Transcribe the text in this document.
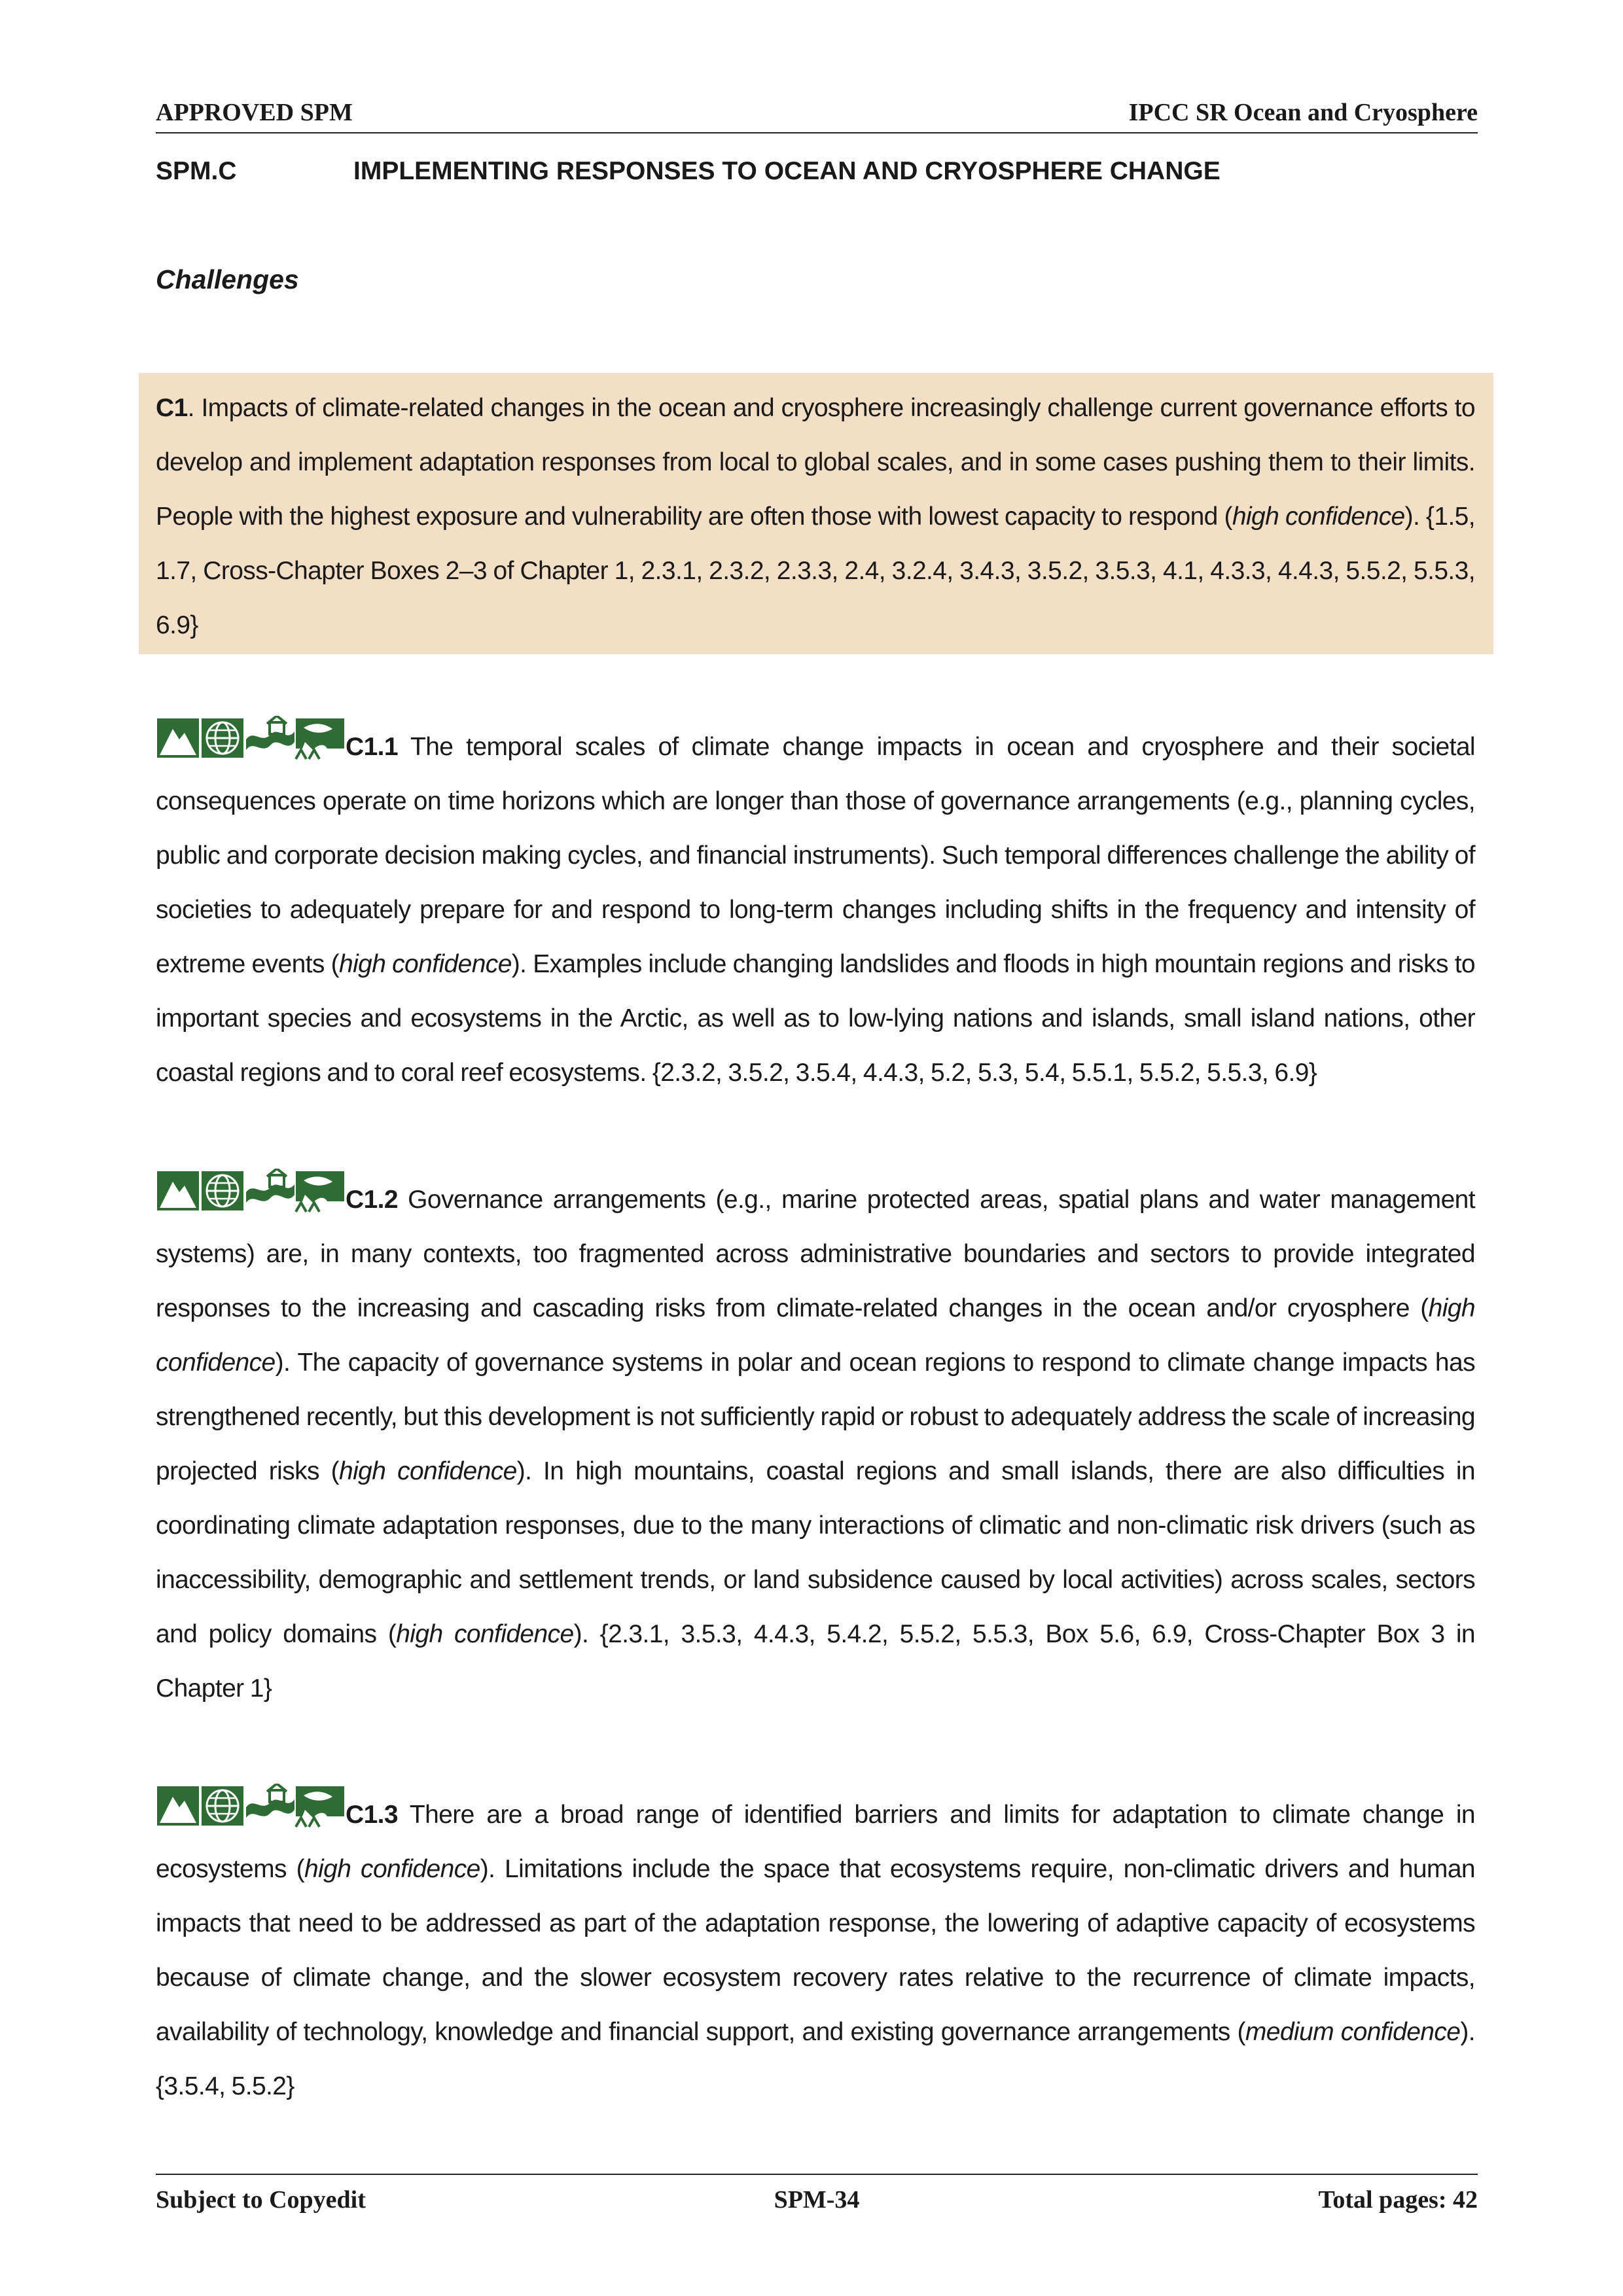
APPROVED SPM	IPCC SR Ocean and Cryosphere
SPM.C	IMPLEMENTING RESPONSES TO OCEAN AND CRYOSPHERE CHANGE
Challenges
C1. Impacts of climate-related changes in the ocean and cryosphere increasingly challenge current governance efforts to develop and implement adaptation responses from local to global scales, and in some cases pushing them to their limits. People with the highest exposure and vulnerability are often those with lowest capacity to respond (high confidence). {1.5, 1.7, Cross-Chapter Boxes 2–3 of Chapter 1, 2.3.1, 2.3.2, 2.3.3, 2.4, 3.2.4, 3.4.3, 3.5.2, 3.5.3, 4.1, 4.3.3, 4.4.3, 5.5.2, 5.5.3, 6.9}
C1.1 The temporal scales of climate change impacts in ocean and cryosphere and their societal consequences operate on time horizons which are longer than those of governance arrangements (e.g., planning cycles, public and corporate decision making cycles, and financial instruments). Such temporal differences challenge the ability of societies to adequately prepare for and respond to long-term changes including shifts in the frequency and intensity of extreme events (high confidence). Examples include changing landslides and floods in high mountain regions and risks to important species and ecosystems in the Arctic, as well as to low-lying nations and islands, small island nations, other coastal regions and to coral reef ecosystems. {2.3.2, 3.5.2, 3.5.4, 4.4.3, 5.2, 5.3, 5.4, 5.5.1, 5.5.2, 5.5.3, 6.9}
C1.2 Governance arrangements (e.g., marine protected areas, spatial plans and water management systems) are, in many contexts, too fragmented across administrative boundaries and sectors to provide integrated responses to the increasing and cascading risks from climate-related changes in the ocean and/or cryosphere (high confidence). The capacity of governance systems in polar and ocean regions to respond to climate change impacts has strengthened recently, but this development is not sufficiently rapid or robust to adequately address the scale of increasing projected risks (high confidence). In high mountains, coastal regions and small islands, there are also difficulties in coordinating climate adaptation responses, due to the many interactions of climatic and non-climatic risk drivers (such as inaccessibility, demographic and settlement trends, or land subsidence caused by local activities) across scales, sectors and policy domains (high confidence). {2.3.1, 3.5.3, 4.4.3, 5.4.2, 5.5.2, 5.5.3, Box 5.6, 6.9, Cross-Chapter Box 3 in Chapter 1}
C1.3 There are a broad range of identified barriers and limits for adaptation to climate change in ecosystems (high confidence). Limitations include the space that ecosystems require, non-climatic drivers and human impacts that need to be addressed as part of the adaptation response, the lowering of adaptive capacity of ecosystems because of climate change, and the slower ecosystem recovery rates relative to the recurrence of climate impacts, availability of technology, knowledge and financial support, and existing governance arrangements (medium confidence). {3.5.4, 5.5.2}
Subject to Copyedit	SPM-34	Total pages: 42
